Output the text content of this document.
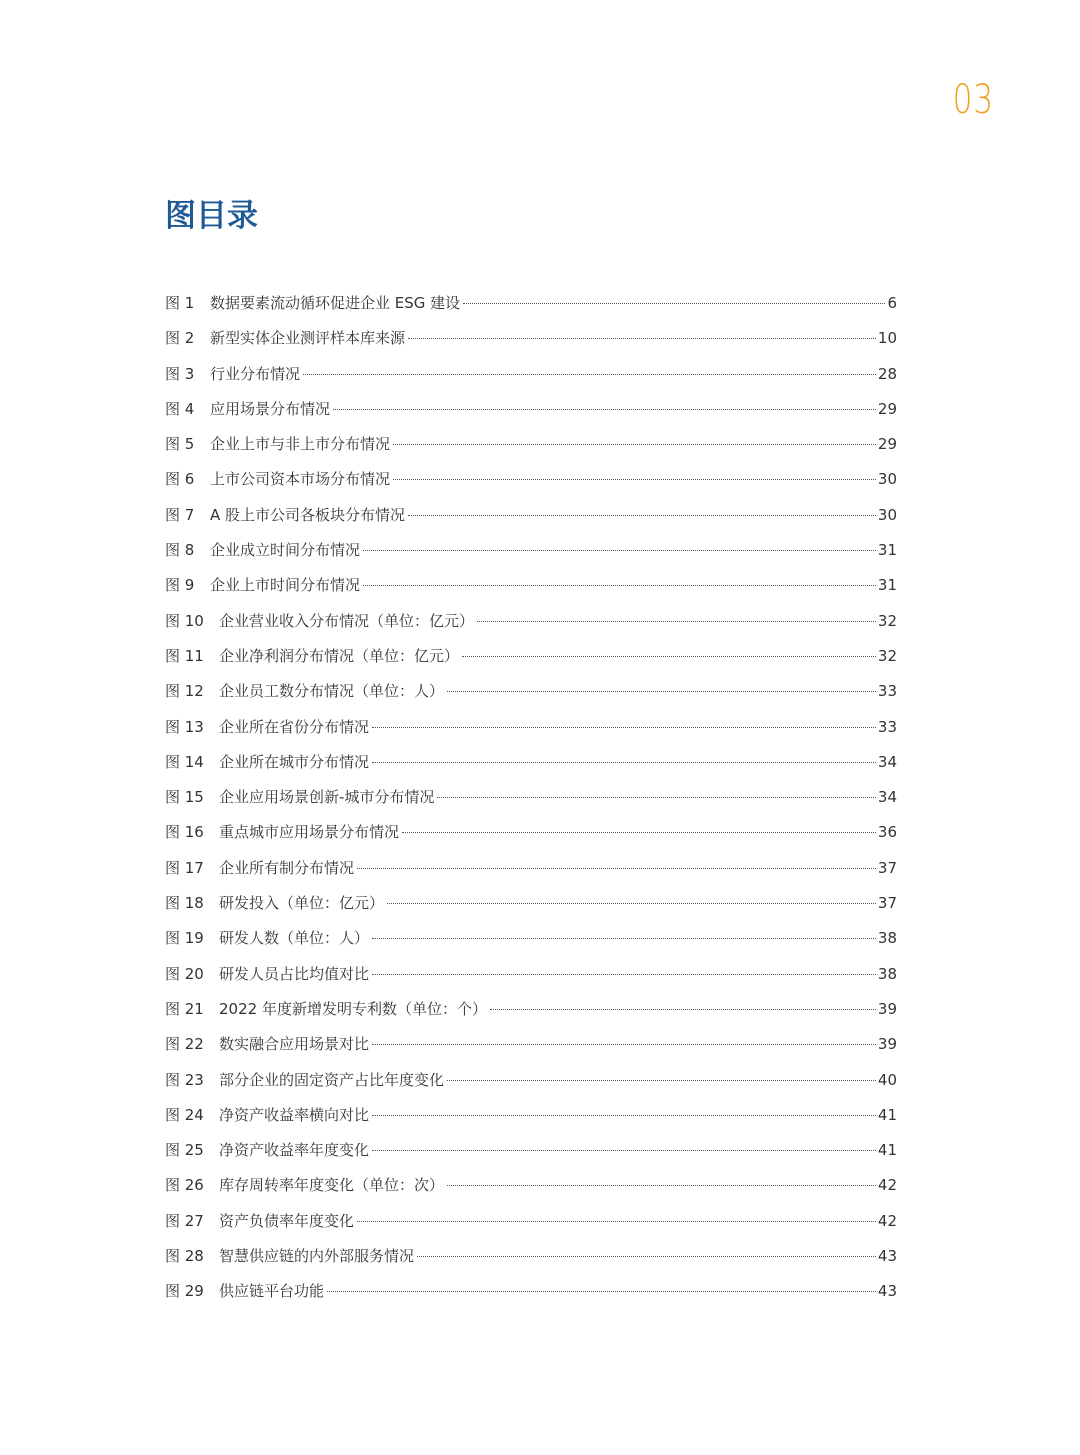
03
图目录
图 1	数据要素流动循环促进企业 ESG 建设	6
图 2	新型实体企业测评样本库来源	10
图 3	行业分布情况	28
图 4	应用场景分布情况	29
图 5	企业上市与非上市分布情况	29
图 6	上市公司资本市场分布情况	30
图 7	A 股上市公司各板块分布情况	30
图 8	企业成立时间分布情况	31
图 9	企业上市时间分布情况	31
图 10	企业营业收入分布情况（单位：亿元）	32
图 11	企业净利润分布情况（单位：亿元）	32
图 12	企业员工数分布情况（单位：人）	33
图 13	企业所在省份分布情况	33
图 14	企业所在城市分布情况	34
图 15	企业应用场景创新-城市分布情况	34
图 16	重点城市应用场景分布情况	36
图 17	企业所有制分布情况	37
图 18	研发投入（单位：亿元）	37
图 19	研发人数（单位：人）	38
图 20	研发人员占比均值对比	38
图 21	2022 年度新增发明专利数（单位：个）	39
图 22	数实融合应用场景对比	39
图 23	部分企业的固定资产占比年度变化	40
图 24	净资产收益率横向对比	41
图 25	净资产收益率年度变化	41
图 26	库存周转率年度变化（单位：次）	42
图 27	资产负债率年度变化	42
图 28	智慧供应链的内外部服务情况	43
图 29	供应链平台功能	43
